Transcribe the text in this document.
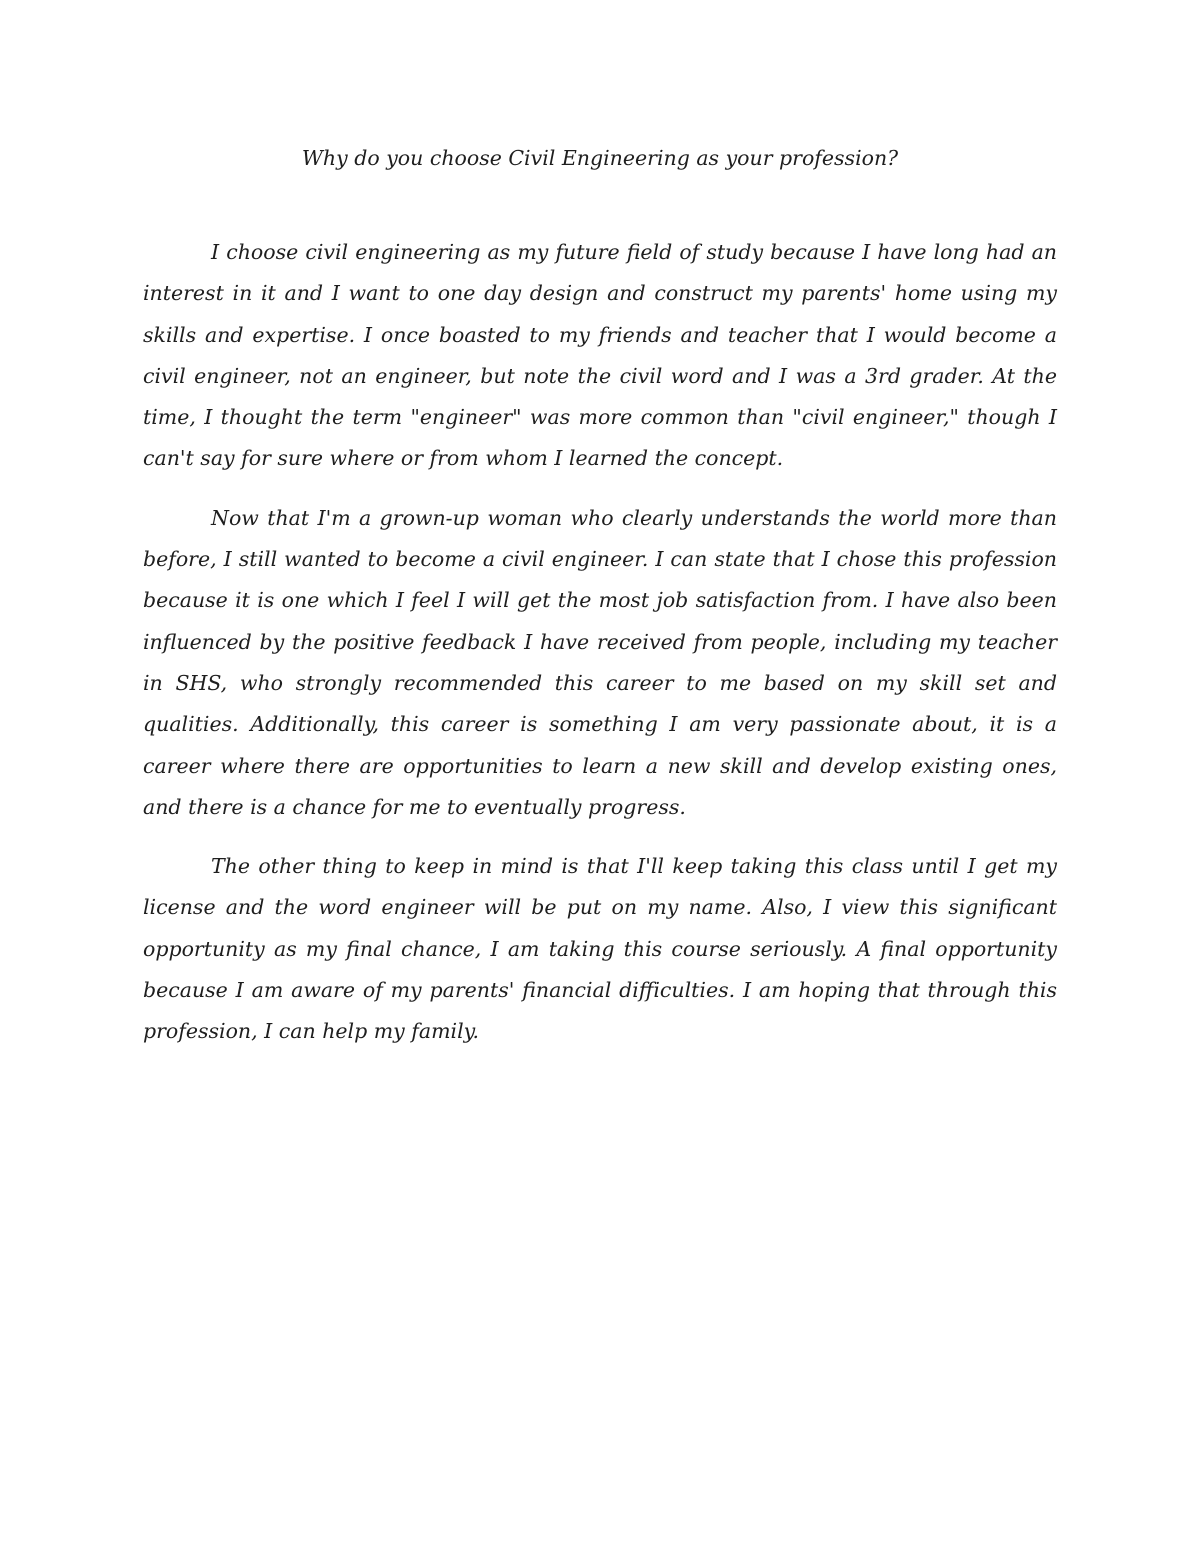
Why do you choose Civil Engineering as your profession?

I choose civil engineering as my future field of study because I have long had an interest in it and I want to one day design and construct my parents' home using my skills and expertise. I once boasted to my friends and teacher that I would become a civil engineer, not an engineer, but note the civil word and I was a 3rd grader. At the time, I thought the term "engineer" was more common than "civil engineer," though I can't say for sure where or from whom I learned the concept.

Now that I'm a grown-up woman who clearly understands the world more than before, I still wanted to become a civil engineer. I can state that I chose this profession because it is one which I feel I will get the most job satisfaction from. I have also been influenced by the positive feedback I have received from people, including my teacher in SHS, who strongly recommended this career to me based on my skill set and qualities. Additionally, this career is something I am very passionate about, it is a career where there are opportunities to learn a new skill and develop existing ones, and there is a chance for me to eventually progress.

The other thing to keep in mind is that I'll keep taking this class until I get my license and the word engineer will be put on my name. Also, I view this significant opportunity as my final chance, I am taking this course seriously. A final opportunity because I am aware of my parents' financial difficulties. I am hoping that through this profession, I can help my family.
